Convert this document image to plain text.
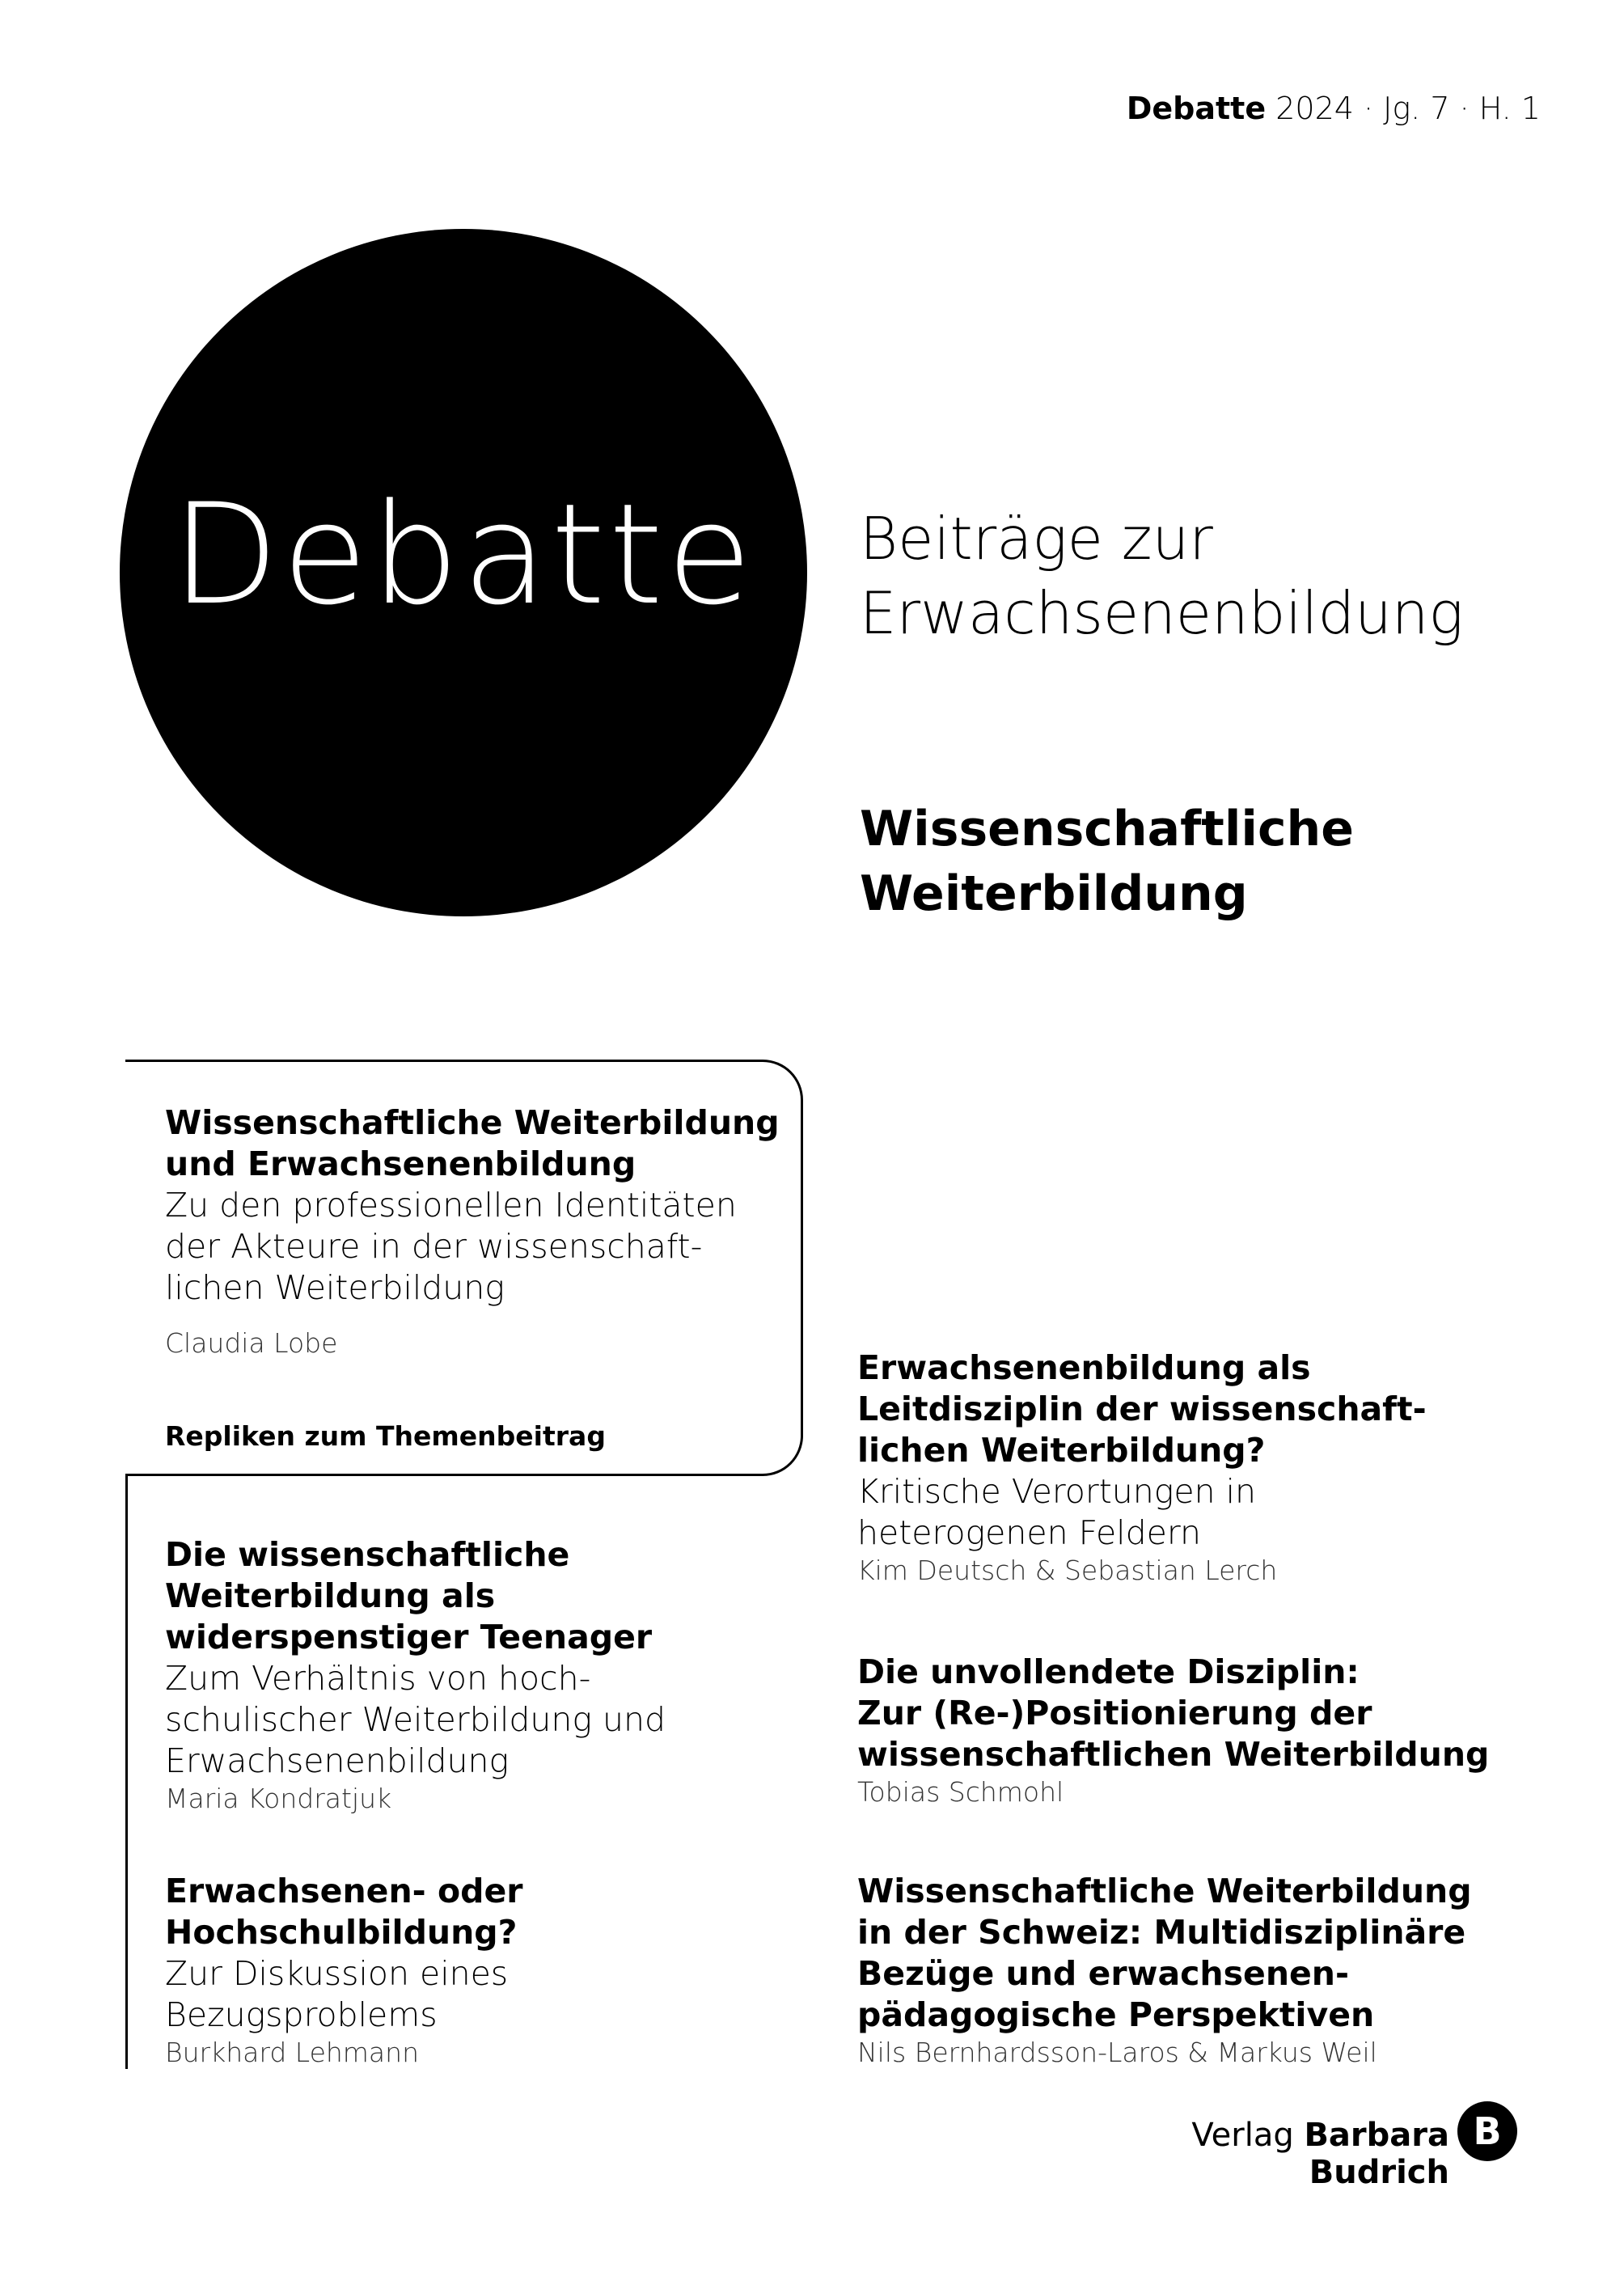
Debatte 2024 · Jg. 7 · H. 1
Debatte	Beiträge zur
Erwachsenenbildung
Wissenschaftliche
Weiterbildung
Wissenschaftliche Weiterbildung
und Erwachsenenbildung
Zu den professionellen Identitäten
der Akteure in der wissenschaft-
lichen Weiterbildung
Claudia Lobe
Repliken zum Themenbeitrag
Die wissenschaftliche
Weiterbildung als
widerspenstiger Teenager
Zum Verhältnis von hoch-
schulischer Weiterbildung und
Erwachsenenbildung
Maria Kondratjuk
Erwachsenen- oder
Hochschulbildung?
Zur Diskussion eines
Bezugsproblems
Burkhard Lehmann
Erwachsenenbildung als
Leitdisziplin der wissenschaft-
lichen Weiterbildung?
Kritische Verortungen in
heterogenen Feldern
Kim Deutsch & Sebastian Lerch
Die unvollendete Disziplin:
Zur (Re-)Positionierung der
wissenschaftlichen Weiterbildung
Tobias Schmohl
Wissenschaftliche Weiterbildung
in der Schweiz: Multidisziplinäre
Bezüge und erwachsenen-
pädagogische Perspektiven
Nils Bernhardsson-Laros & Markus Weil
Verlag Barbara Budrich
B
